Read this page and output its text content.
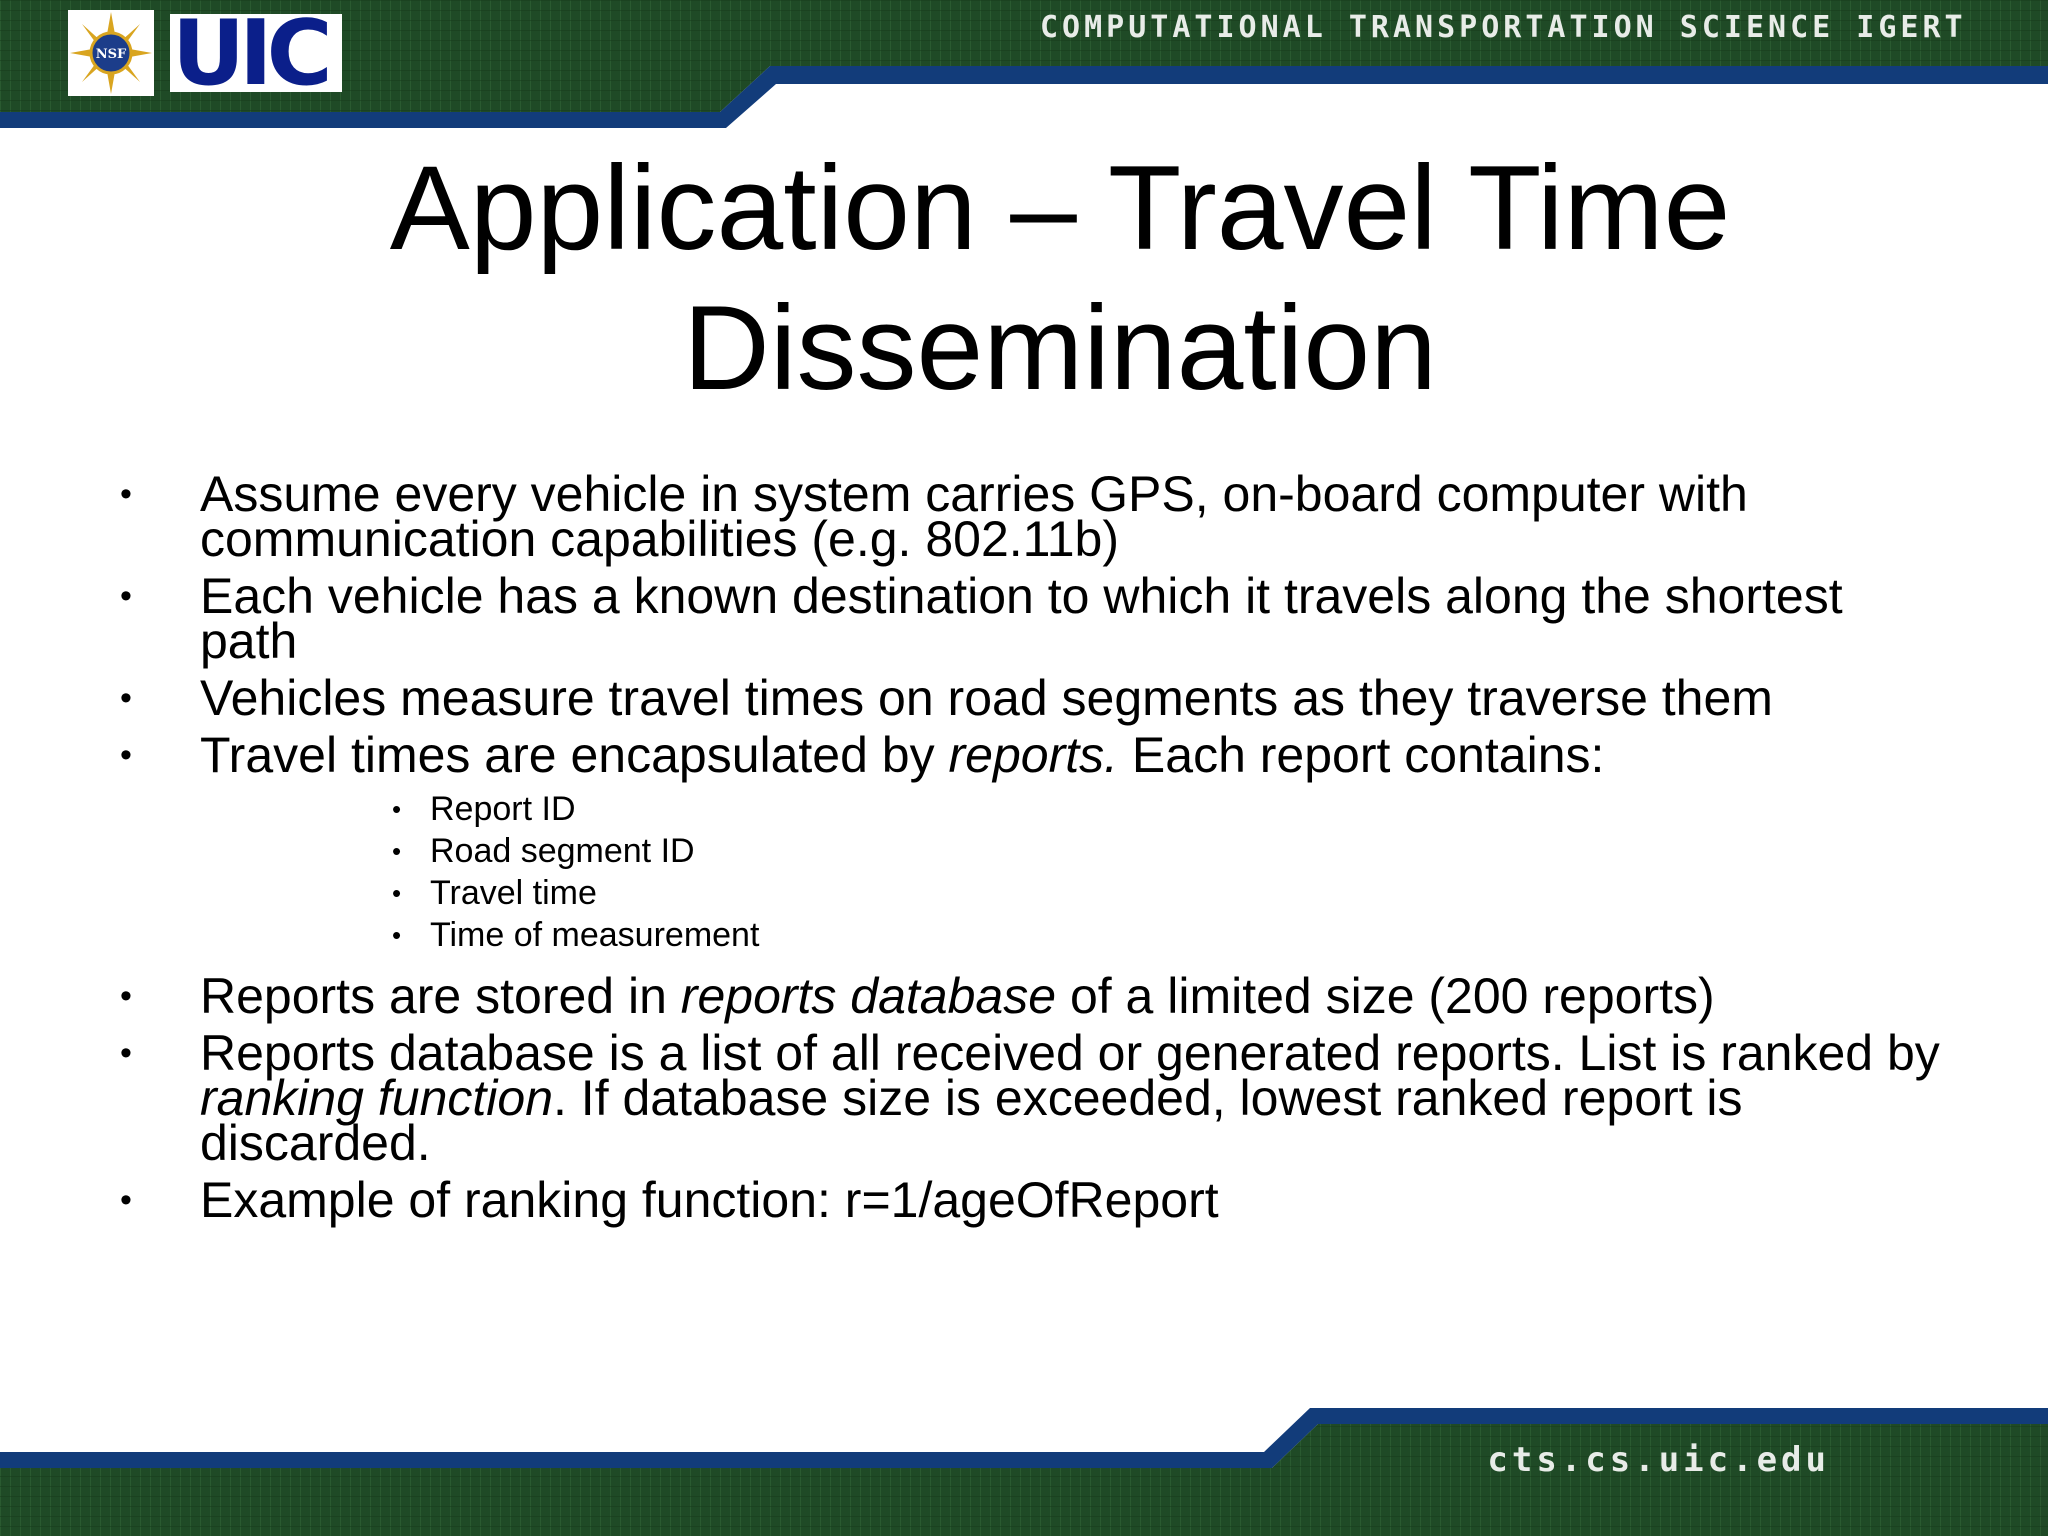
NSF UIC	COMPUTATIONAL TRANSPORTATION SCIENCE IGERT
Application – Travel Time
Dissemination
• Assume every vehicle in system carries GPS, on-board computer with communication capabilities (e.g. 802.11b)
• Each vehicle has a known destination to which it travels along the shortest path
• Vehicles measure travel times on road segments as they traverse them
• Travel times are encapsulated by reports. Each report contains:
• Report ID
• Road segment ID
• Travel time
• Time of measurement
• Reports are stored in reports database of a limited size (200 reports)
• Reports database is a list of all received or generated reports. List is ranked by ranking function. If database size is exceeded, lowest ranked report is discarded.
• Example of ranking function: r=1/ageOfReport
cts.cs.uic.edu
